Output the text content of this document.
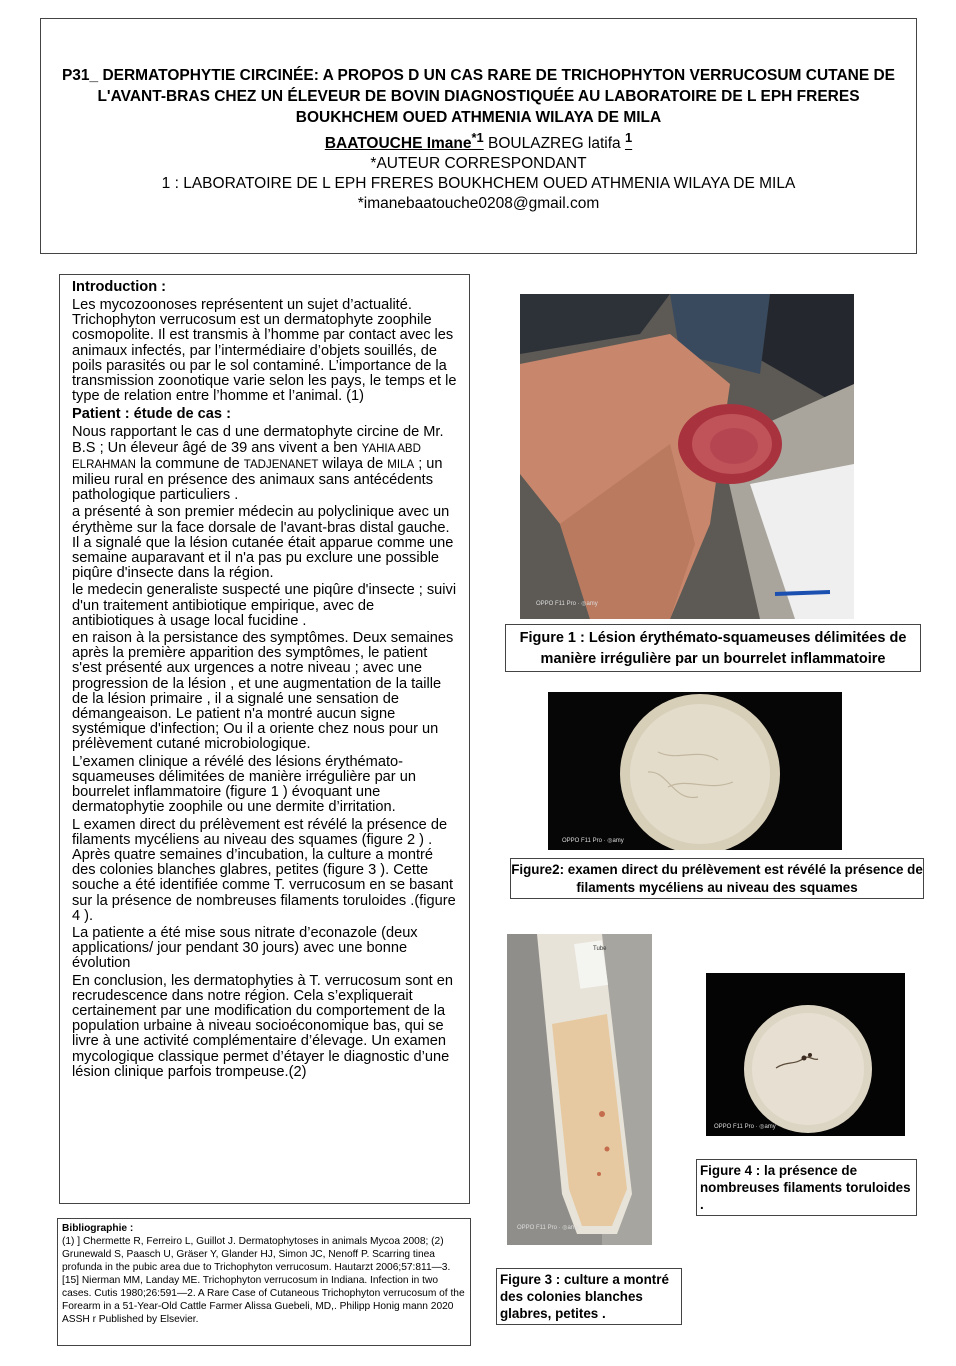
P31_ DERMATOPHYTIE CIRCINÉE: A PROPOS D UN CAS RARE DE TRICHOPHYTON VERRUCOSUM CUTANE DE L'AVANT-BRAS CHEZ UN ÉLEVEUR DE BOVIN DIAGNOSTIQUÉE AU LABORATOIRE DE L EPH FRERES BOUKHCHEM OUED ATHMENIA WILAYA DE MILA
BAATOUCHE Imane$^{*1}$ BOULAZREG latifa $^1$
*AUTEUR CORRESPONDANT
1 : LABORATOIRE DE L EPH FRERES BOUKHCHEM OUED ATHMENIA WILAYA DE MILA
*imanebaatouche0208@gmail.com

Introduction :

Les mycozoonoses représentent un sujet d’actualité. Trichophyton verrucosum est un dermatophyte zoophile cosmopolite. Il est transmis à l’homme par contact avec les animaux infectés, par l’intermédiaire d’objets souillés, de poils parasités ou par le sol contaminé. L’importance de la transmission zoonotique varie selon les pays, le temps et le type de relation entre l’homme et l’animal. (1)

Patient : étude de cas :

Nous rapportant le cas d une dermatophyte circine de Mr. B.S ; Un éleveur âgé de 39 ans vivent a ben YAHIA ABD ELRAHMAN la commune de TADJENANET wilaya de MILA ; un milieu rural en présence des animaux sans antécédents pathologique particuliers .

a présenté à son premier médecin au polyclinique avec un érythème sur la face dorsale de l'avant-bras distal gauche. Il a signalé que la lésion cutanée était apparue comme une semaine auparavant et il n'a pas pu exclure une possible piqûre d'insecte dans la région.

le medecin generaliste suspecté une piqûre d'insecte ; suivi d'un traitement antibiotique empirique, avec de antibiotiques à usage local fucidine .

en raison à la persistance des symptômes. Deux semaines après la première apparition des symptômes, le patient s'est présenté aux urgences a notre niveau ; avec une progression de la lésion , et une augmentation de la taille de la lésion primaire , il a signalé une sensation de démangeaison. Le patient n'a montré aucun signe systémique d'infection; Ou il a oriente chez nous pour un prélèvement cutané microbiologique.

L’examen clinique a révélé des lésions érythémato-squameuses délimitées de manière irrégulière par un bourrelet inflammatoire (figure 1 ) évoquant une dermatophytie zoophile ou une dermite d’irritation.

L examen direct du prélèvement est révélé la présence de filaments mycéliens au niveau des squames (figure 2 ) . Après quatre semaines d’incubation, la culture a montré des colonies blanches glabres, petites (figure 3 ). Cette souche a été identifiée comme T. verrucosum en se basant sur la présence de nombreuses filaments toruloides .(figure 4 ).

La patiente a été mise sous nitrate d’econazole (deux applications/ jour pendant 30 jours) avec une bonne évolution

En conclusion, les dermatophyties à T. verrucosum sont en recrudescence dans notre région. Cela s’expliquerait certainement par une modification du comportement de la population urbaine à niveau socioéconomique bas, qui se livre à une activité complémentaire d’élevage. Un examen mycologique classique permet d’étayer le diagnostic d’une lésion clinique parfois trompeuse.(2)

Bibliographie :
(1) ] Chermette R, Ferreiro L, Guillot J. Dermatophytoses in animals Mycoa 2008; (2) Grunewald S, Paasch U, Gräser Y, Glander HJ, Simon JC, Nenoff P. Scarring tinea profunda in the pubic area due to Trichophyton verrucosum. Hautarzt 2006;57:811—3. [15] Nierman MM, Landay ME. Trichophyton verrucosum in Indiana. Infection in two cases. Cutis 1980;26:591—2. A Rare Case of Cutaneous Trichophyton verrucosum of the Forearm in a 51-Year-Old Cattle Farmer Alissa Guebeli, MD,. Philipp Honig mann 2020 ASSH r Published by Elsevier.
OPPO F11 Pro · ◎amy
Figure 1 : Lésion érythémato-squameuses délimitées de manière irrégulière par un bourrelet inflammatoire
OPPO F11 Pro · ◎amy
Figure2: examen direct du prélèvement est révélé la présence de filaments mycéliens au niveau des squames
Tube
OPPO F11 Pro · ◎amy
Figure 3 : culture a montré des colonies blanches glabres, petites .
OPPO F11 Pro · ◎amy
Figure 4 : la présence de nombreuses filaments toruloides .
